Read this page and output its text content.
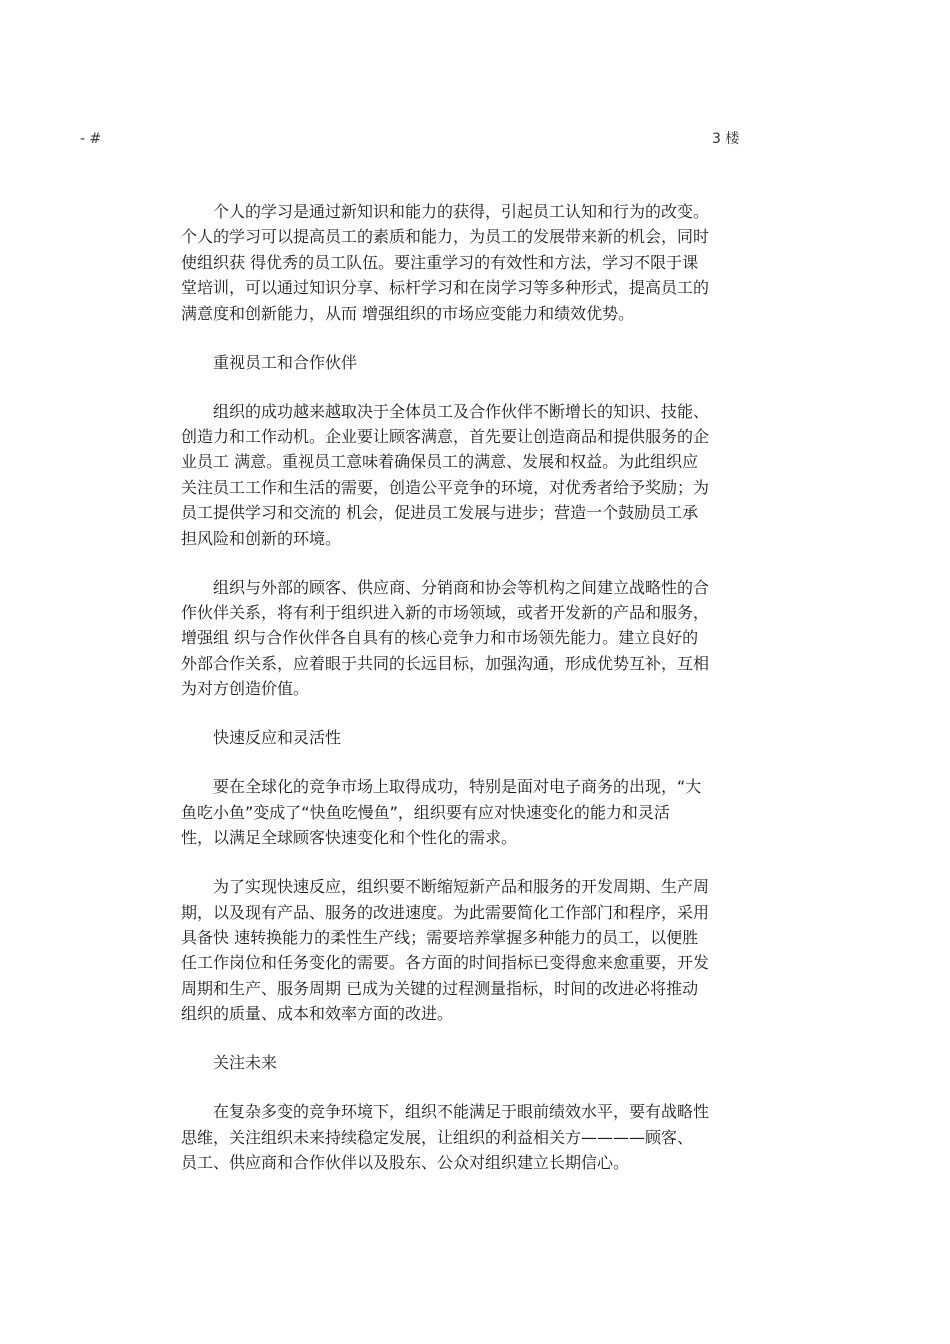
- #	3 楼

个人的学习是通过新知识和能力的获得，引起员工认知和行为的改变。
个人的学习可以提高员工的素质和能力，为员工的发展带来新的机会，同时
使组织获 得优秀的员工队伍。要注重学习的有效性和方法，学习不限于课
堂培训，可以通过知识分享、标杆学习和在岗学习等多种形式，提高员工的
满意度和创新能力，从而 增强组织的市场应变能力和绩效优势。

重视员工和合作伙伴

组织的成功越来越取决于全体员工及合作伙伴不断增长的知识、技能、
创造力和工作动机。企业要让顾客满意，首先要让创造商品和提供服务的企
业员工 满意。重视员工意味着确保员工的满意、发展和权益。为此组织应
关注员工工作和生活的需要，创造公平竞争的环境，对优秀者给予奖励；为
员工提供学习和交流的 机会，促进员工发展与进步；营造一个鼓励员工承
担风险和创新的环境。

组织与外部的顾客、供应商、分销商和协会等机构之间建立战略性的合
作伙伴关系，将有利于组织进入新的市场领域，或者开发新的产品和服务，
增强组 织与合作伙伴各自具有的核心竞争力和市场领先能力。建立良好的
外部合作关系，应着眼于共同的长远目标，加强沟通，形成优势互补，互相
为对方创造价值。

快速反应和灵活性

要在全球化的竞争市场上取得成功，特别是面对电子商务的出现，“大
鱼吃小鱼”变成了“快鱼吃慢鱼”，组织要有应对快速变化的能力和灵活
性，以满足全球顾客快速变化和个性化的需求。

为了实现快速反应，组织要不断缩短新产品和服务的开发周期、生产周
期，以及现有产品、服务的改进速度。为此需要简化工作部门和程序，采用
具备快 速转换能力的柔性生产线；需要培养掌握多种能力的员工，以便胜
任工作岗位和任务变化的需要。各方面的时间指标已变得愈来愈重要，开发
周期和生产、服务周期 已成为关键的过程测量指标，时间的改进必将推动
组织的质量、成本和效率方面的改进。

关注未来

在复杂多变的竞争环境下，组织不能满足于眼前绩效水平，要有战略性
思维，关注组织未来持续稳定发展，让组织的利益相关方————顾客、
员工、供应商和合作伙伴以及股东、公众对组织建立长期信心。
